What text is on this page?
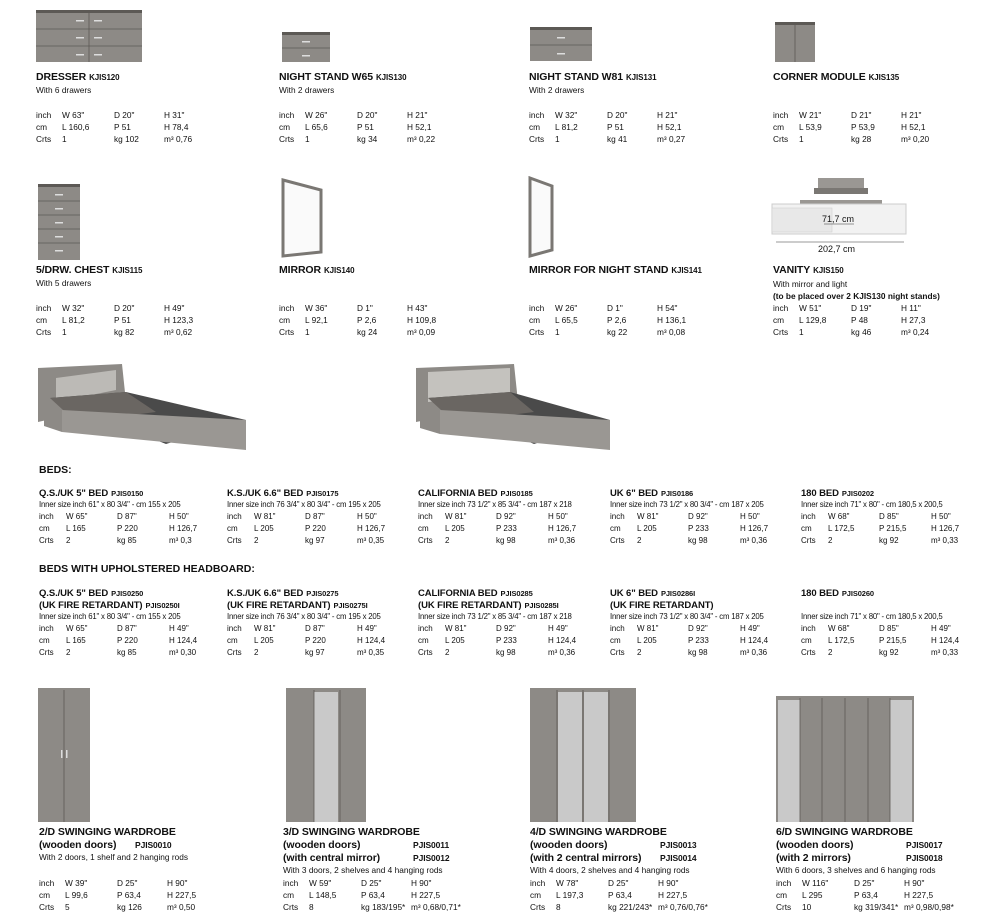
71,7 cm
202,7 cm
DRESSER KJIS120
With 6 drawers
inch W 63"	D 20"	H 31"
cm L 160,6	P 51	H 78,4
Crts 1	kg 102	m³ 0,76
NIGHT STAND W65 KJIS130
With 2 drawers
inch W 26"	D 20"	H 21"
cm L 65,6	P 51	H 52,1
Crts 1	kg 34	m³ 0,22
NIGHT STAND W81 KJIS131
With 2 drawers
inch W 32"	D 20"	H 21"
cm L 81,2	P 51	H 52,1
Crts 1	kg 41	m³ 0,27
CORNER MODULE KJIS135
inch W 21"	D 21"	H 21"
cm L 53,9	P 53,9	H 52,1
Crts 1	kg 28	m³ 0,20
5/DRW. CHEST KJIS115
With 5 drawers
inch W 32"	D 20"	H 49"
cm L 81,2	P 51	H 123,3
Crts 1	kg 82	m³ 0,62
MIRROR KJIS140
inch W 36"	D 1"	H 43"
cm L 92,1	P 2,6	H 109,8
Crts 1	kg 24	m³ 0,09
MIRROR FOR NIGHT STAND KJIS141
inch W 26"	D 1"	H 54"
cm L 65,5	P 2,6	H 136,1
Crts 1	kg 22	m³ 0,08
VANITY KJIS150
With mirror and light
(to be placed over 2 KJIS130 night stands)
inch W 51"	D 19"	H 11"
cm L 129,8	P 48	H 27,3
Crts 1	kg 46	m³ 0,24
BEDS:
Q.S./UK 5" BED PJIS0150
Inner size inch 61" x 80 3/4" - cm 155 x 205
inch W 65"	D 87"	H 50"
cm L 165	P 220	H 126,7
Crts 2	kg 85	m³ 0,3
K.S./UK 6.6" BED PJIS0175
Inner size inch 76 3/4" x 80 3/4" - cm 195 x 205
inch W 81"	D 87"	H 50"
cm L 205	P 220	H 126,7
Crts 2	kg 97	m³ 0,35
CALIFORNIA BED PJIS0185
Inner size inch 73 1/2" x 85 3/4" - cm 187 x 218
inch W 81"	D 92"	H 50"
cm L 205	P 233	H 126,7
Crts 2	kg 98	m³ 0,36
UK 6" BED PJIS0186
Inner size inch 73 1/2" x 80 3/4" - cm 187 x 205
inch W 81"	D 92"	H 50"
cm L 205	P 233	H 126,7
Crts 2	kg 98	m³ 0,36
180 BED PJIS0202
Inner size inch 71" x 80" - cm 180,5 x 200,5
inch W 68"	D 85"	H 50"
cm L 172,5	P 215,5	H 126,7
Crts 2	kg 92	m³ 0,33
BEDS WITH UPHOLSTERED HEADBOARD:
Q.S./UK 5" BED PJIS0250
(UK FIRE RETARDANT) PJIS0250I
Inner size inch 61" x 80 3/4" - cm 155 x 205
inch W 65"	D 87"	H 49"
cm L 165	P 220	H 124,4
Crts 2	kg 85	m³ 0,30
K.S./UK 6.6" BED PJIS0275
(UK FIRE RETARDANT) PJIS0275I
Inner size inch 76 3/4" x 80 3/4" - cm 195 x 205
inch W 81"	D 87"	H 49"
cm L 205	P 220	H 124,4
Crts 2	kg 97	m³ 0,35
CALIFORNIA BED PJIS0285
(UK FIRE RETARDANT) PJIS0285I
Inner size inch 73 1/2" x 85 3/4" - cm 187 x 218
inch W 81"	D 92"	H 49"
cm L 205	P 233	H 124,4
Crts 2	kg 98	m³ 0,36
UK 6" BED PJIS0286I
(UK FIRE RETARDANT)
Inner size inch 73 1/2" x 80 3/4" - cm 187 x 205
inch W 81"	D 92"	H 49"
cm L 205	P 233	H 124,4
Crts 2	kg 98	m³ 0,36
180 BED PJIS0260
Inner size inch 71" x 80" - cm 180,5 x 200,5
inch W 68"	D 85"	H 49"
cm L 172,5	P 215,5	H 124,4
Crts 2	kg 92	m³ 0,33
2/D SWINGING WARDROBE
(wooden doors) PJIS0010
With 2 doors, 1 shelf and 2 hanging rods
inch W 39"	D 25"	H 90"
cm L 99,6	P 63,4	H 227,5
Crts 5	kg 126	m³ 0,50
3/D SWINGING WARDROBE
(wooden doors)	PJIS0011
(with central mirror)	PJIS0012
With 3 doors, 2 shelves and 4 hanging rods
inch W 59"	D 25"	H 90"
cm L 148,5	P 63,4	H 227,5
Crts 8	kg 183/195* m³ 0,68/0,71*
4/D SWINGING WARDROBE
(wooden doors)	PJIS0013
(with 2 central mirrors) PJIS0014
With 4 doors, 2 shelves and 4 hanging rods
inch W 78"	D 25"	H 90"
cm L 197,3	P 63,4	H 227,5
Crts 8	kg 221/243* m³ 0,76/0,76*
6/D SWINGING WARDROBE
(wooden doors)	PJIS0017
(with 2 mirrors)	PJIS0018
With 6 doors, 3 shelves and 6 hanging rods
inch W 116"	D 25"	H 90"
cm L 295	P 63,4	H 227,5
Crts 10	kg 319/341* m³ 0,98/0,98*
